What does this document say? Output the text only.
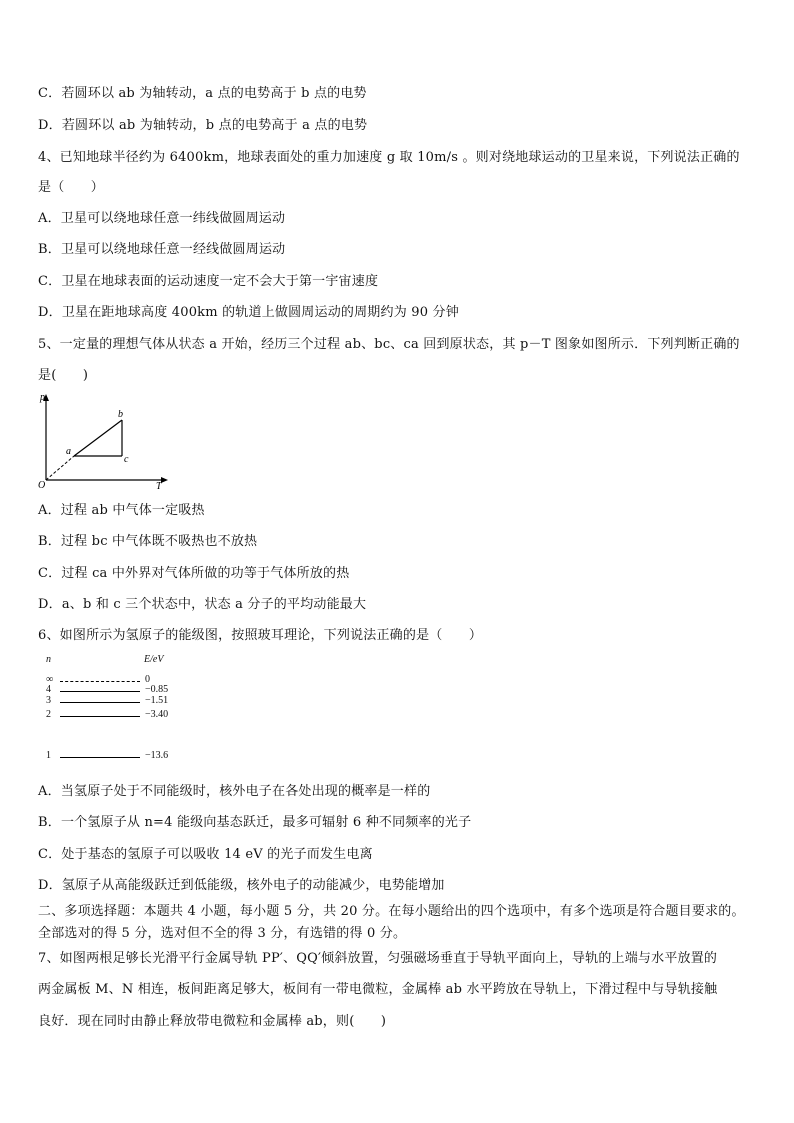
C．若圆环以 ab 为轴转动，a 点的电势高于 b 点的电势
D．若圆环以 ab 为轴转动，b 点的电势高于 a 点的电势
4、已知地球半径约为 6400km，地球表面处的重力加速度 g 取 10m/s 。则对绕地球运动的卫星来说，下列说法正确的
是（　　）
A．卫星可以绕地球任意一纬线做圆周运动
B．卫星可以绕地球任意一经线做圆周运动
C．卫星在地球表面的运动速度一定不会大于第一宇宙速度
D．卫星在距地球高度 400km 的轨道上做圆周运动的周期约为 90 分钟
5、一定量的理想气体从状态 a 开始，经历三个过程 ab、bc、ca 回到原状态，其 p－T 图象如图所示．下列判断正确的
是(　　)
p
T
O
a
b
c
A．过程 ab 中气体一定吸热
B．过程 bc 中气体既不吸热也不放热
C．过程 ca 中外界对气体所做的功等于气体所放的热
D．a、b 和 c 三个状态中，状态 a 分子的平均动能最大
6、如图所示为氢原子的能级图，按照玻耳理论，下列说法正确的是（　　）
n	E/eV
∞	0
4	−0.85
3	−1.51
2	−3.40
1	−13.6
A．当氢原子处于不同能级时，核外电子在各处出现的概率是一样的
B．一个氢原子从 n=4 能级向基态跃迁，最多可辐射 6 种不同频率的光子
C．处于基态的氢原子可以吸收 14 eV 的光子而发生电离
D．氢原子从高能级跃迁到低能级，核外电子的动能减少，电势能增加
二、多项选择题：本题共 4 小题，每小题 5 分，共 20 分。在每小题给出的四个选项中，有多个选项是符合题目要求的。
全部选对的得 5 分，选对但不全的得 3 分，有选错的得 0 分。
7、如图两根足够长光滑平行金属导轨 PP′、QQ′倾斜放置，匀强磁场垂直于导轨平面向上，导轨的上端与水平放置的
两金属板 M、N 相连，板间距离足够大，板间有一带电微粒，金属棒 ab 水平跨放在导轨上，下滑过程中与导轨接触
良好．现在同时由静止释放带电微粒和金属棒 ab，则(　　)
